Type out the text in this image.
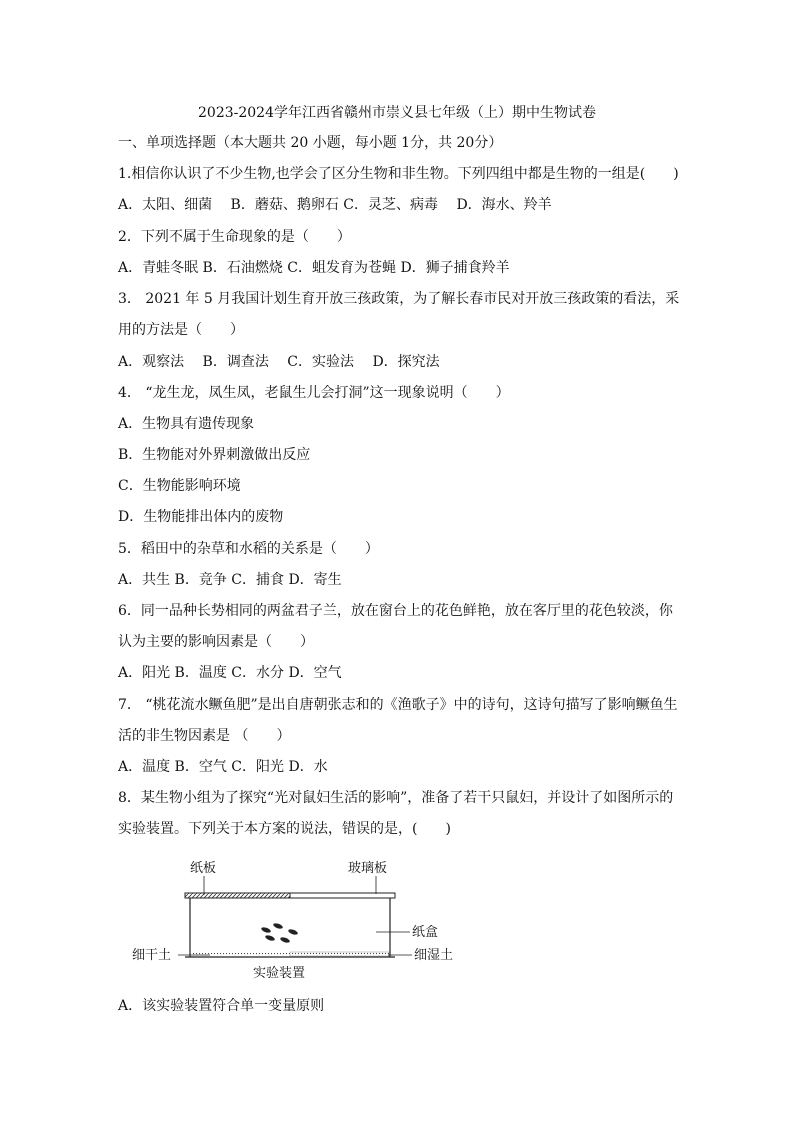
2023-2024学年江西省赣州市崇义县七年级（上）期中生物试卷
一、单项选择题（本大题共 20 小题，每小题 1分，共 20分）
1.相信你认识了不少生物,也学会了区分生物和非生物。下列四组中都是生物的一组是(　　)
A．太阳、细菌　 B．蘑菇、鹅卵石 C．灵芝、病毒　 D．海水、羚羊
2．下列不属于生命现象的是（　　）
A．青蛙冬眠 B．石油燃烧 C．蛆发育为苍蝇 D．狮子捕食羚羊
3． 2021 年 5 月我国计划生育开放三孩政策，为了解长春市民对开放三孩政策的看法，采
用的方法是（　　）
A．观察法　 B．调查法　 C．实验法　 D．探究法
4． “龙生龙，凤生凤，老鼠生儿会打洞”这一现象说明（　　）
A．生物具有遗传现象
B．生物能对外界刺激做出反应
C．生物能影响环境
D．生物能排出体内的废物
5．稻田中的杂草和水稻的关系是（　　）
A．共生 B．竞争 C．捕食 D．寄生
6．同一品种长势相同的两盆君子兰，放在窗台上的花色鲜艳，放在客厅里的花色较淡，你
认为主要的影响因素是（　　）
A．阳光 B．温度 C．水分 D．空气
7． “桃花流水鳜鱼肥”是出自唐朝张志和的《渔歌子》中的诗句，这诗句描写了影响鳜鱼生
活的非生物因素是 （　　）
A．温度 B．空气 C．阳光 D．水
8．某生物小组为了探究“光对鼠妇生活的影响”，准备了若干只鼠妇，并设计了如图所示的
实验装置。下列关于本方案的说法，错误的是，(　　)
纸板	玻璃板
纸盒
细干土	细湿土
实验装置
A．该实验装置符合单一变量原则
